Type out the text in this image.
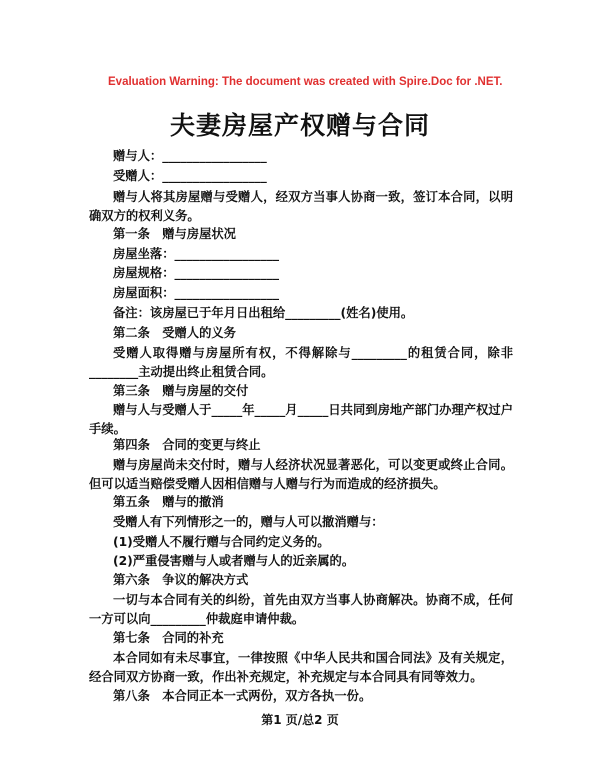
Evaluation Warning: The document was created with Spire.Doc for .NET.
夫妻房屋产权赠与合同
赠与人：_________________
受赠人：_________________
赠与人将其房屋赠与受赠人，经双方当事人协商一致，签订本合同，以明确双方的权利义务。
第一条　赠与房屋状况
房屋坐落：_________________
房屋规格：_________________
房屋面积：_________________
备注：该房屋已于年月日出租给_________(姓名)使用。
第二条　受赠人的义务
受赠人取得赠与房屋所有权，不得解除与_________的租赁合同，除非________主动提出终止租赁合同。
第三条　赠与房屋的交付
赠与人与受赠人于_____年_____月_____日共同到房地产部门办理产权过户手续。
第四条　合同的变更与终止
赠与房屋尚未交付时，赠与人经济状况显著恶化，可以变更或终止合同。但可以适当赔偿受赠人因相信赠与人赠与行为而造成的经济损失。
第五条　赠与的撤消
受赠人有下列情形之一的，赠与人可以撤消赠与：
(1)受赠人不履行赠与合同约定义务的。
(2)严重侵害赠与人或者赠与人的近亲属的。
第六条　争议的解决方式
一切与本合同有关的纠纷，首先由双方当事人协商解决。协商不成，任何一方可以向_________仲裁庭申请仲裁。
第七条　合同的补充
本合同如有未尽事宜，一律按照《中华人民共和国合同法》及有关规定，经合同双方协商一致，作出补充规定，补充规定与本合同具有同等效力。
第八条　本合同正本一式两份，双方各执一份。
第1 页/总2 页
